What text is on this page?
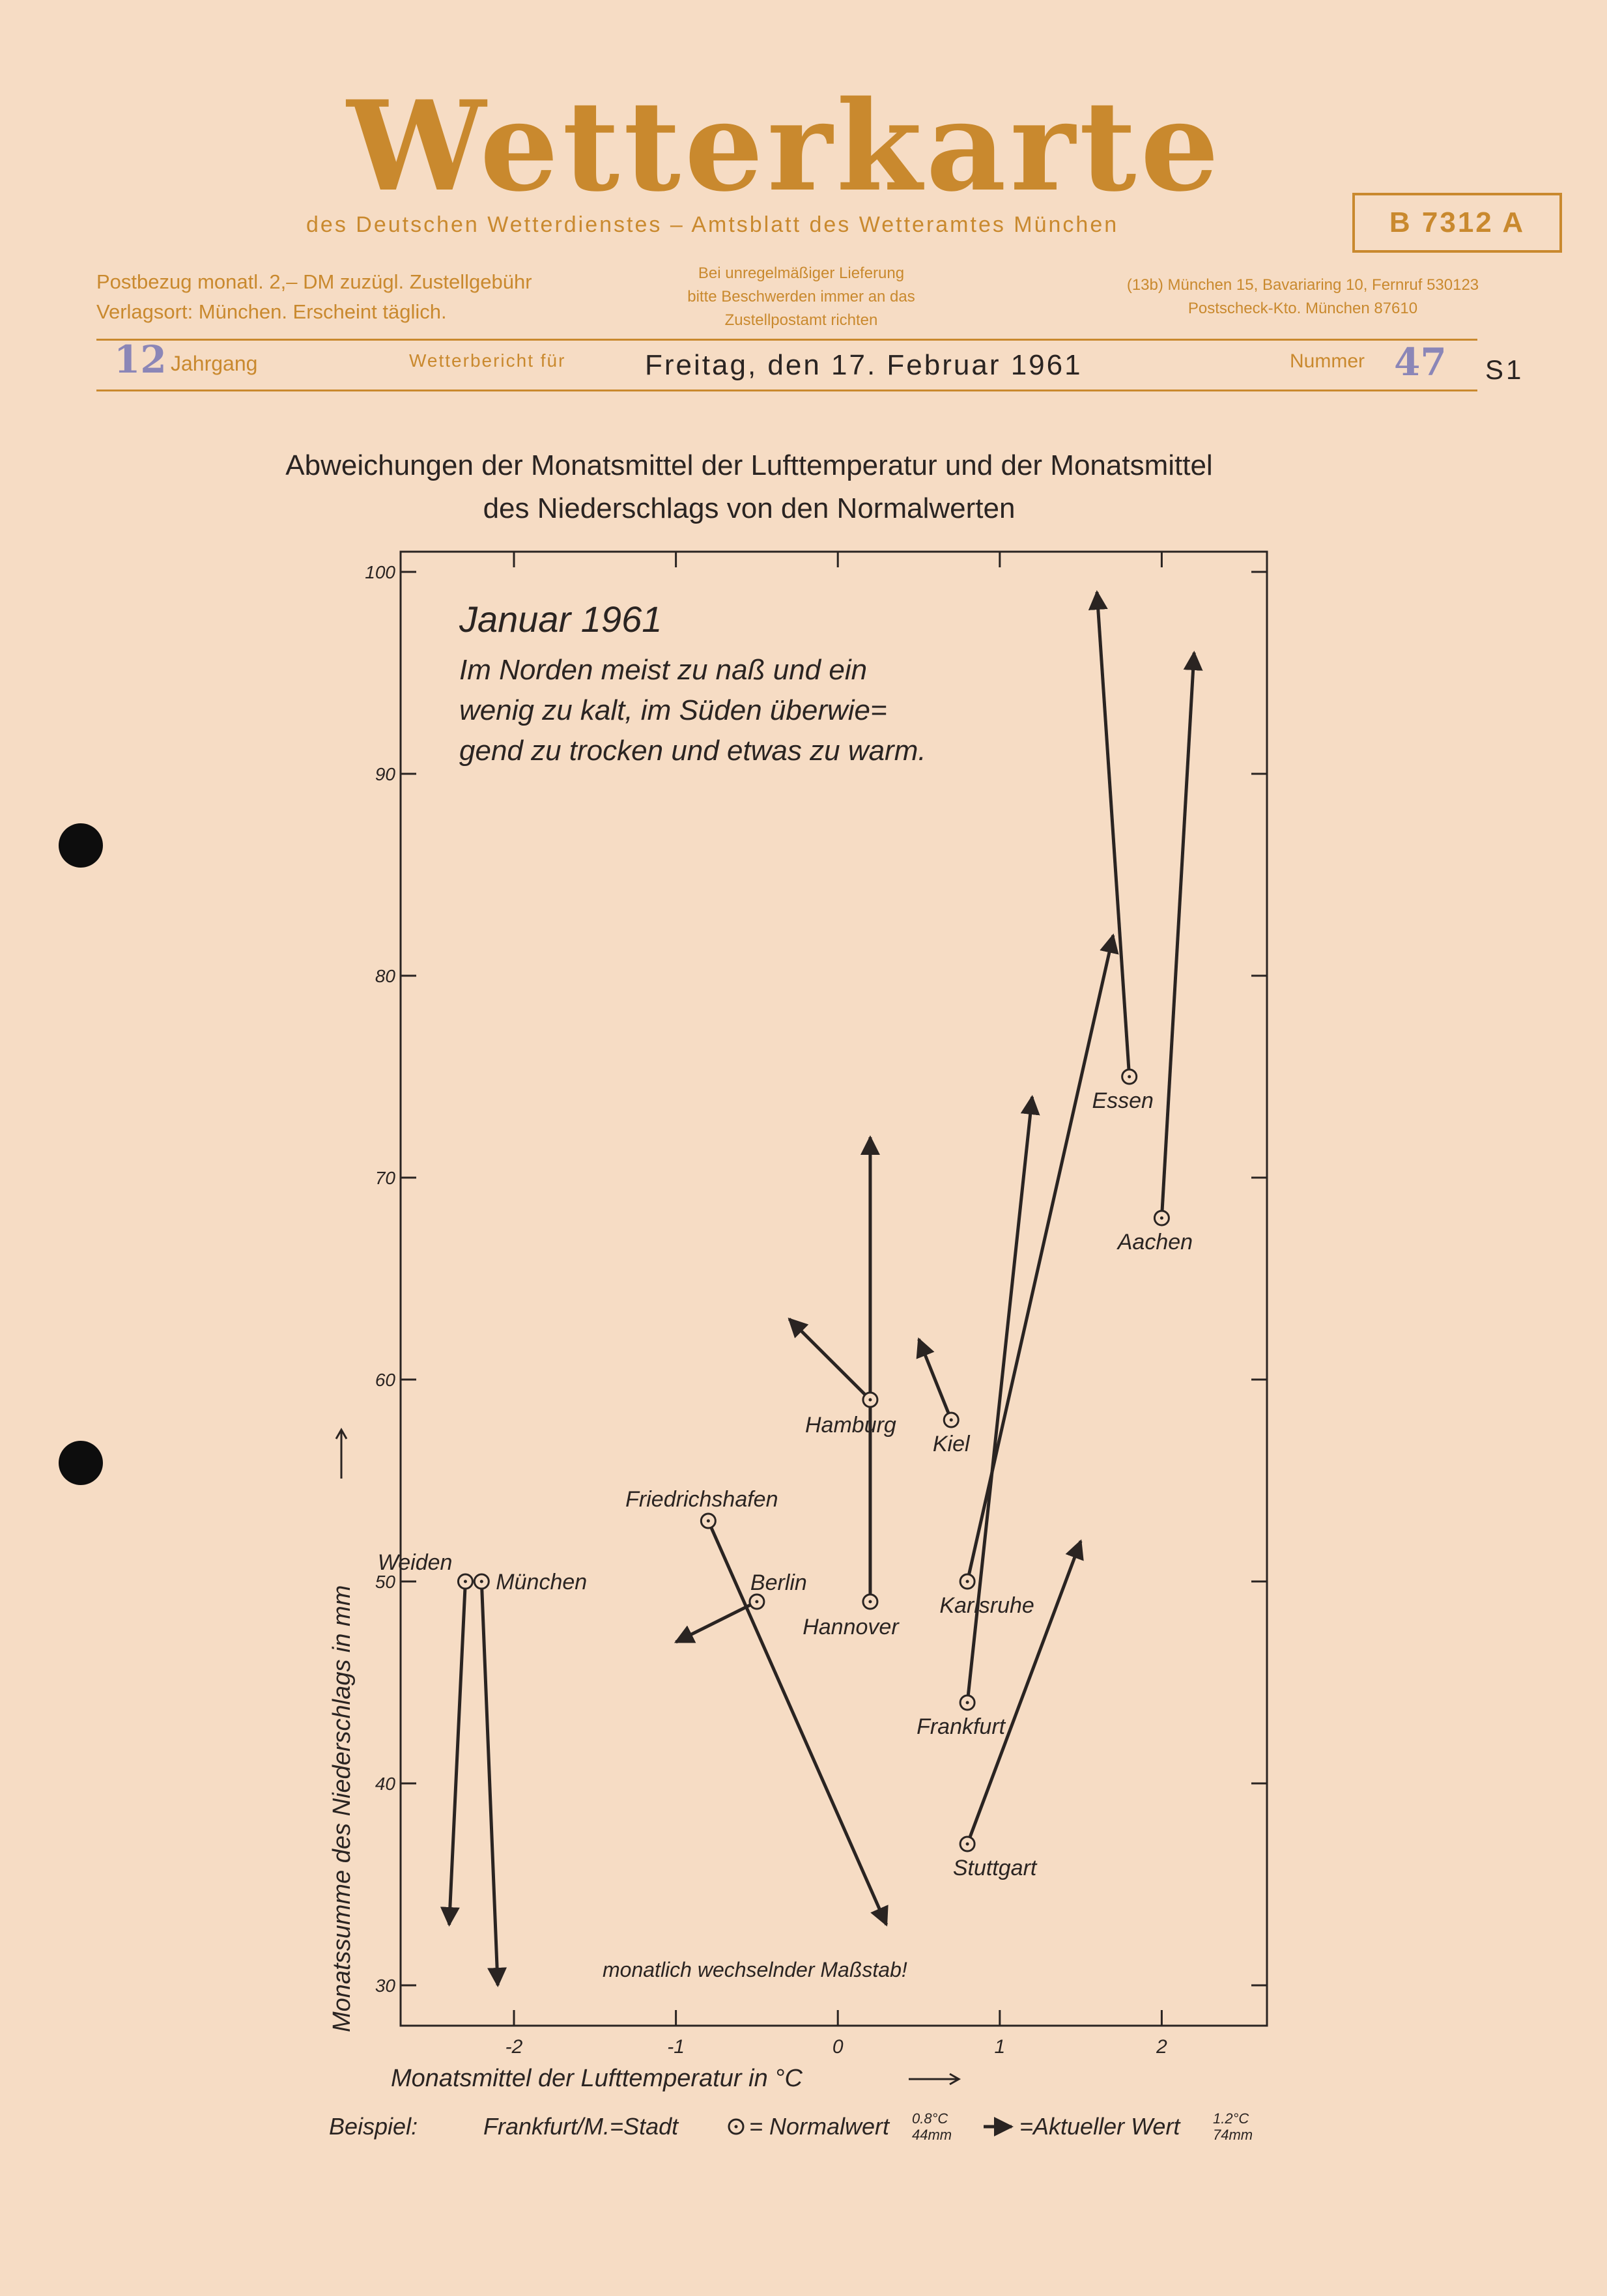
Wetterkarte
des Deutschen Wetterdienstes – Amtsblatt des Wetteramtes München	B 7312 A
Postbezug monatl. 2,– DM zuzügl. Zustellgebühr
Verlagsort: München. Erscheint täglich.
Bei unregelmäßiger Lieferung
bitte Beschwerden immer an das
Zustellpostamt richten
(13b) München 15, Bavariaring 10, Fernruf 530123
Postscheck-Kto. München 87610
12 Jahrgang	Wetterbericht für	Freitag, den 17. Februar 1961	Nummer 47 S1
Abweichungen der Monatsmittel der Lufttemperatur und der Monatsmittel
des Niederschlags von den Normalwerten
-2	-1	0	1	2
30
40
50
60
70
80
90
100
Weiden
München
Friedrichshafen
Berlin
Hannover
Hamburg
Kiel
Karlsruhe
Frankfurt
Stuttgart
Essen
Aachen
Januar 1961
Im Norden meist zu naß und ein
wenig zu kalt, im Süden überwie=
gend zu trocken und etwas zu warm.
monatlich wechselnder Maßstab!
Monatsmittel der Lufttemperatur in °C
Monatssumme des Niederschlags in mm
Beispiel:	Frankfurt/M.=Stadt	= Normalwert 0.8°C
44mm	=Aktueller Wert 1.2°C
74mm
